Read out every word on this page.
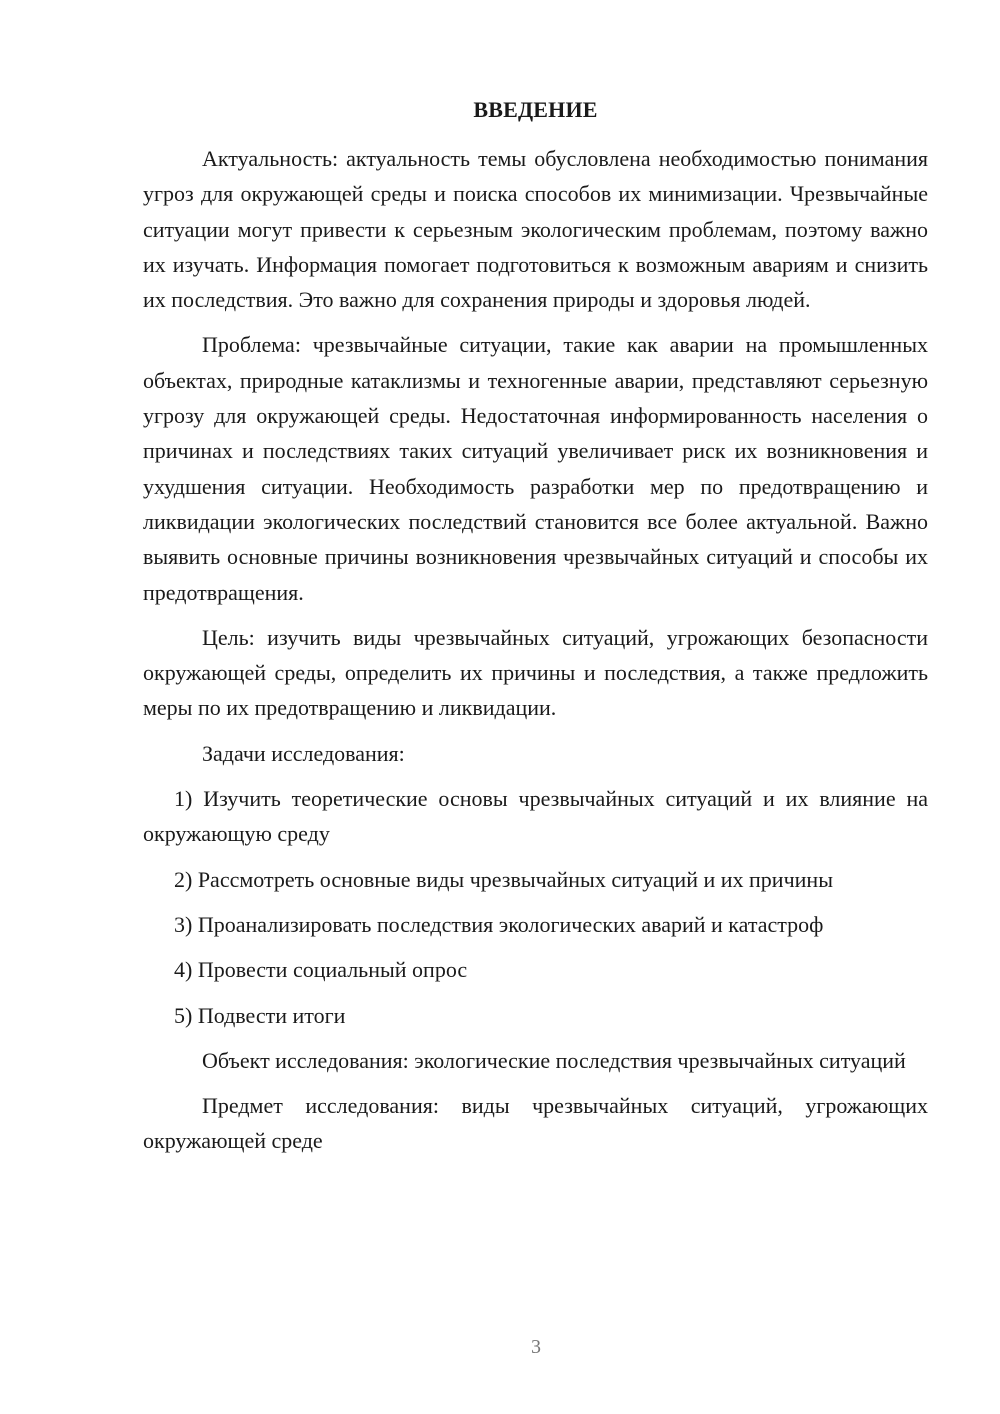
ВВЕДЕНИЕ

Актуальность: актуальность темы обусловлена необходимостью понимания угроз для окружающей среды и поиска способов их минимизации. Чрезвычайные ситуации могут привести к серьезным экологическим проблемам, поэтому важно их изучать. Информация помогает подготовиться к возможным авариям и снизить их последствия. Это важно для сохранения природы и здоровья людей.

Проблема: чрезвычайные ситуации, такие как аварии на промышленных объектах, природные катаклизмы и техногенные аварии, представляют серьезную угрозу для окружающей среды. Недостаточная информированность населения о причинах и последствиях таких ситуаций увеличивает риск их возникновения и ухудшения ситуации. Необходимость разработки мер по предотвращению и ликвидации экологических последствий становится все более актуальной. Важно выявить основные причины возникновения чрезвычайных ситуаций и способы их предотвращения.

Цель: изучить виды чрезвычайных ситуаций, угрожающих безопасности окружающей среды, определить их причины и последствия, а также предложить меры по их предотвращению и ликвидации.

Задачи исследования:

1) Изучить теоретические основы чрезвычайных ситуаций и их влияние на окружающую среду

2) Рассмотреть основные виды чрезвычайных ситуаций и их причины

3) Проанализировать последствия экологических аварий и катастроф

4) Провести социальный опрос

5) Подвести итоги

Объект исследования: экологические последствия чрезвычайных ситуаций

Предмет исследования: виды чрезвычайных ситуаций, угрожающих окружающей среде

3
